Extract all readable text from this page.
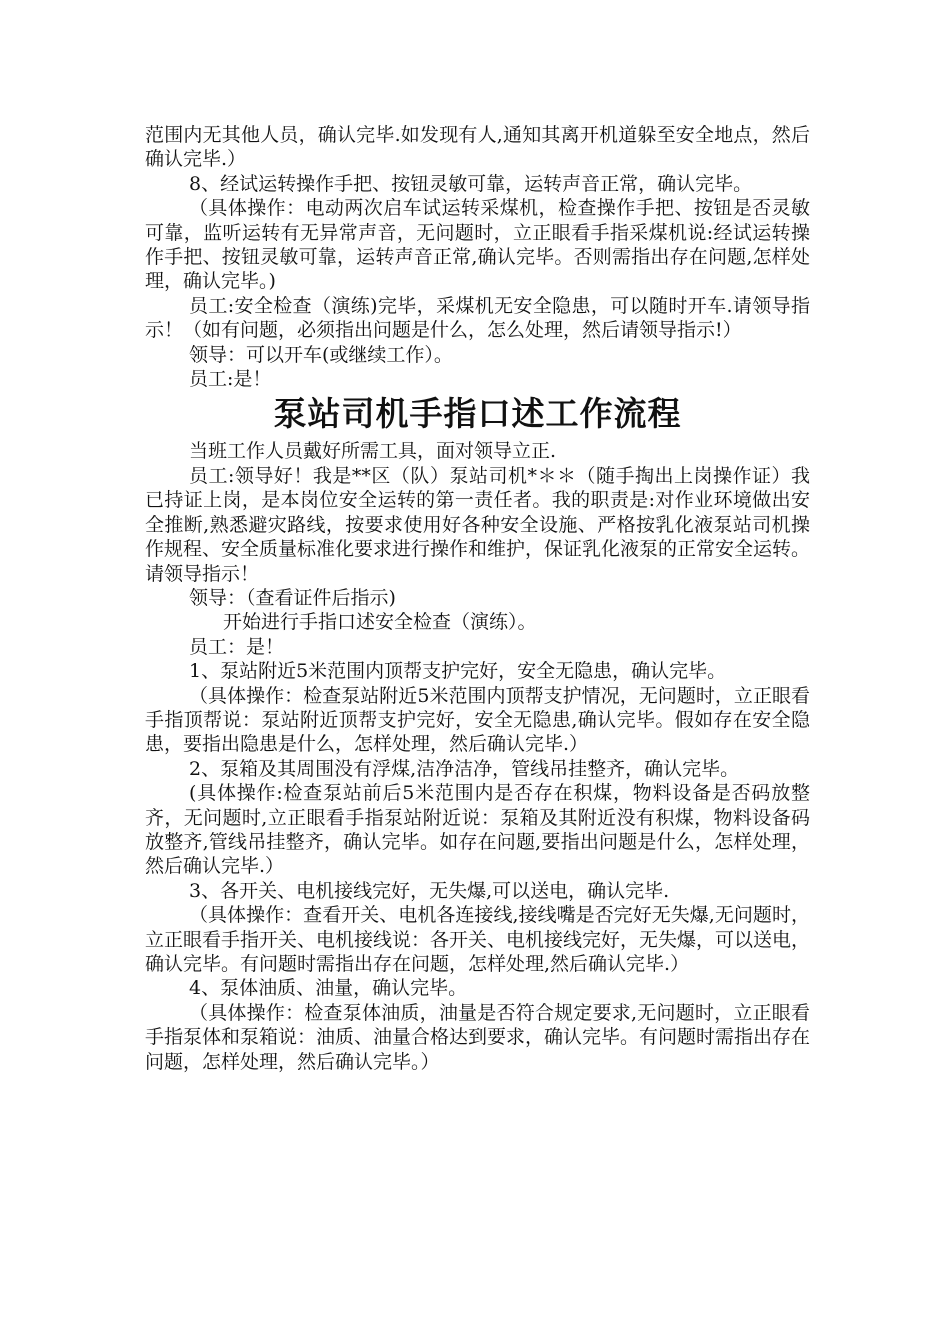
范围内无其他人员，确认完毕.如发现有人,通知其离开机道躲至安全地点，然后确认完毕.）

8、经试运转操作手把、按钮灵敏可靠，运转声音正常，确认完毕。

（具体操作：电动两次启车试运转采煤机，检查操作手把、按钮是否灵敏可靠，监听运转有无异常声音，无问题时，立正眼看手指采煤机说:经试运转操作手把、按钮灵敏可靠，运转声音正常,确认完毕。否则需指出存在问题,怎样处理，确认完毕。)

员工:安全检查（演练)完毕，采煤机无安全隐患，可以随时开车.请领导指示！（如有问题，必须指出问题是什么，怎么处理，然后请领导指示!）

领导：可以开车(或继续工作）。

员工:是！

泵站司机手指口述工作流程

当班工作人员戴好所需工具，面对领导立正.

员工:领导好！我是**区（队）泵站司机*＊＊（随手掏出上岗操作证）我已持证上岗，是本岗位安全运转的第一责任者。我的职责是:对作业环境做出安全推断,熟悉避灾路线，按要求使用好各种安全设施、严格按乳化液泵站司机操作规程、安全质量标准化要求进行操作和维护，保证乳化液泵的正常安全运转。请领导指示！

领导：（查看证件后指示)

开始进行手指口述安全检查（演练）。

员工：是！

1、泵站附近5米范围内顶帮支护完好，安全无隐患，确认完毕。

（具体操作：检查泵站附近5米范围内顶帮支护情况，无问题时，立正眼看手指顶帮说：泵站附近顶帮支护完好，安全无隐患,确认完毕。假如存在安全隐患，要指出隐患是什么，怎样处理，然后确认完毕.）

2、泵箱及其周围没有浮煤,洁净洁净，管线吊挂整齐，确认完毕。

(具体操作:检查泵站前后5米范围内是否存在积煤，物料设备是否码放整齐，无问题时,立正眼看手指泵站附近说：泵箱及其附近没有积煤，物料设备码放整齐,管线吊挂整齐，确认完毕。如存在问题,要指出问题是什么，怎样处理，然后确认完毕.）

3、各开关、电机接线完好，无失爆,可以送电，确认完毕.

（具体操作：查看开关、电机各连接线,接线嘴是否完好无失爆,无问题时，立正眼看手指开关、电机接线说：各开关、电机接线完好，无失爆，可以送电，确认完毕。有问题时需指出存在问题，怎样处理,然后确认完毕.）

4、泵体油质、油量，确认完毕。

（具体操作：检查泵体油质，油量是否符合规定要求,无问题时，立正眼看手指泵体和泵箱说：油质、油量合格达到要求，确认完毕。有问题时需指出存在问题，怎样处理，然后确认完毕。）
